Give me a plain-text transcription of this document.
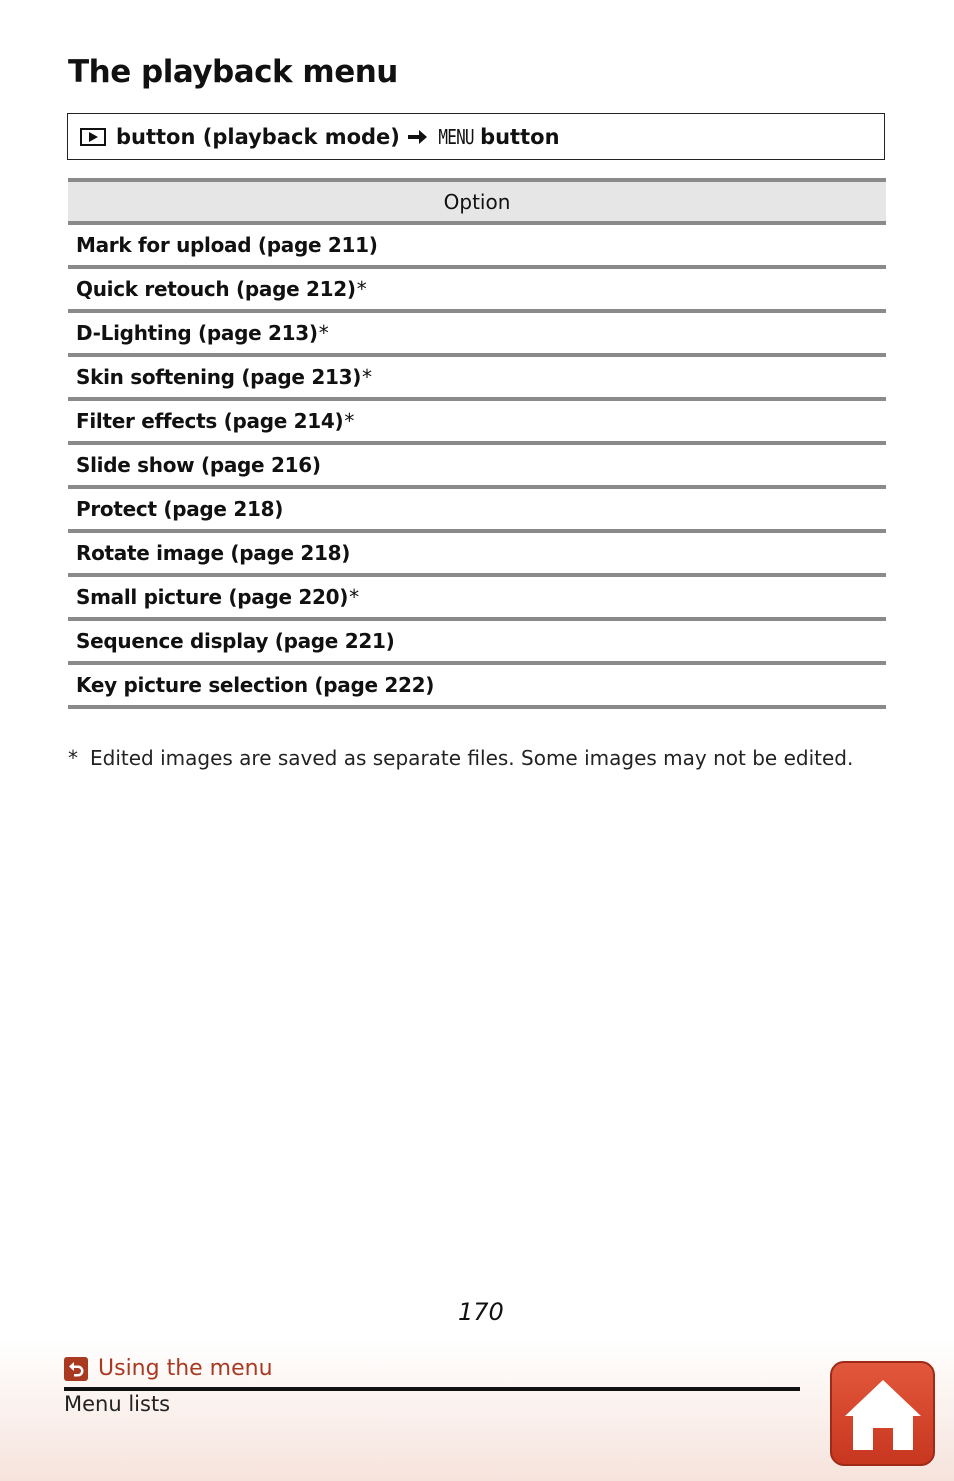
The playback menu
button (playback mode) MENU button
Option
Mark for upload (page 211)
Quick retouch (page 212)*
D-Lighting (page 213)*
Skin softening (page 213)*
Filter effects (page 214)*
Slide show (page 216)
Protect (page 218)
Rotate image (page 218)
Small picture (page 220)*
Sequence display (page 221)
Key picture selection (page 222)
* Edited images are saved as separate files. Some images may not be edited.
170
Using the menu
Menu lists
